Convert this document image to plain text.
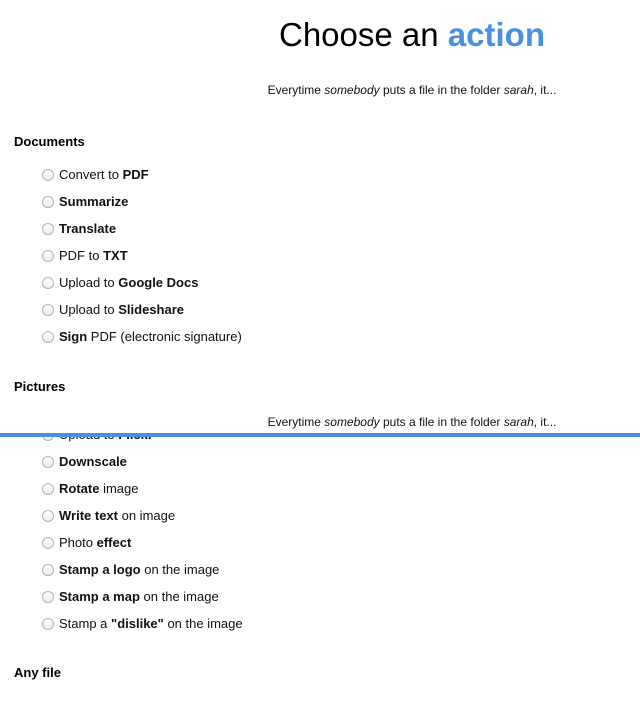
Choose an action

Everytime somebody puts a file in the folder sarah, it...

Documents
Convert to PDF
Summarize
Translate
PDF to TXT
Upload to Google Docs
Upload to Slideshare
Sign PDF (electronic signature)
Pictures
Downscale
Rotate image
Write text on image
Photo effect
Stamp a logo on the image
Stamp a map on the image
Stamp a "dislike" on the image
Any file

Everytime somebody puts a file in the folder sarah, it...
